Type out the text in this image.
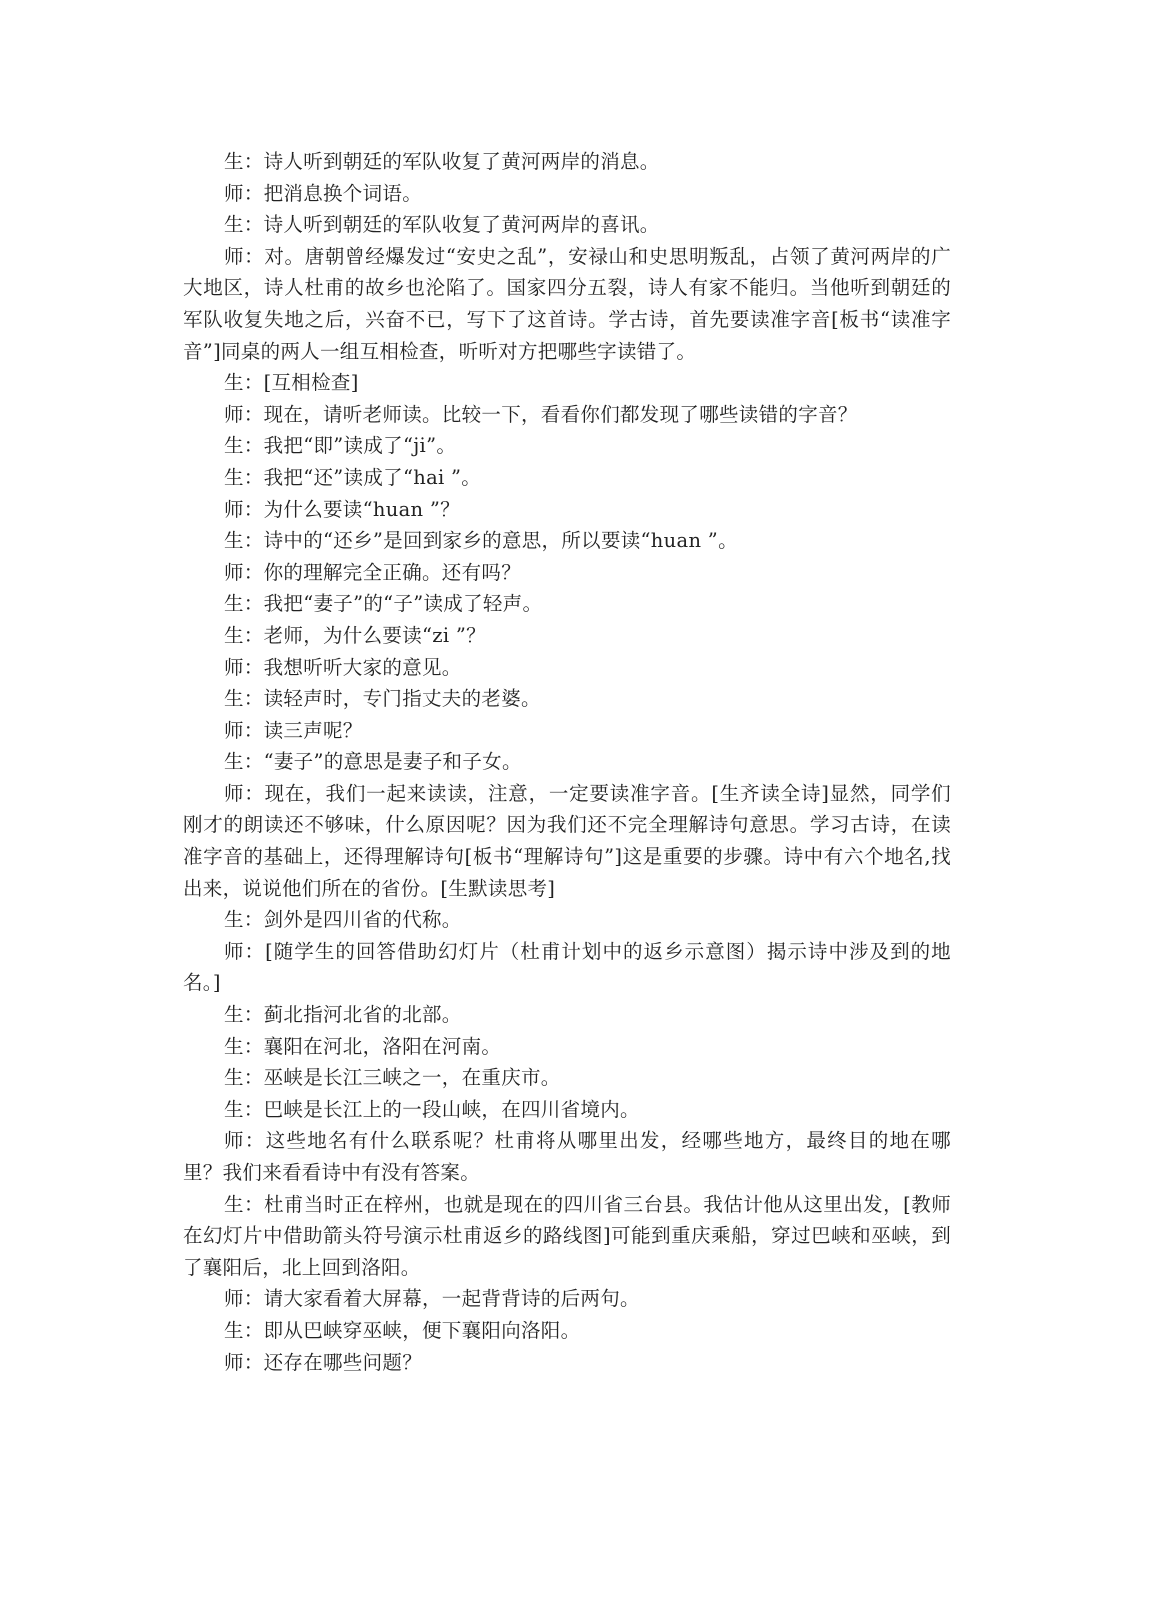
生：诗人听到朝廷的军队收复了黄河两岸的消息。

师：把消息换个词语。

生：诗人听到朝廷的军队收复了黄河两岸的喜讯。

师：对。唐朝曾经爆发过“安史之乱”，安禄山和史思明叛乱，占领了黄河两岸的广大地区，诗人杜甫的故乡也沦陷了。国家四分五裂，诗人有家不能归。当他听到朝廷的军队收复失地之后，兴奋不已，写下了这首诗。学古诗，首先要读准字音[板书“读准字音”]同桌的两人一组互相检查，听听对方把哪些字读错了。

生：[互相检查]

师：现在，请听老师读。比较一下，看看你们都发现了哪些读错的字音？

生：我把“即”读成了“ji”。

生：我把“还”读成了“hai ”。

师：为什么要读“huan ”？

生：诗中的“还乡”是回到家乡的意思，所以要读“huan ”。

师：你的理解完全正确。还有吗？

生：我把“妻子”的“子”读成了轻声。

生：老师，为什么要读“zi ”？

师：我想听听大家的意见。

生：读轻声时，专门指丈夫的老婆。

师：读三声呢？

生：“妻子”的意思是妻子和子女。

师：现在，我们一起来读读，注意，一定要读准字音。[生齐读全诗]显然，同学们刚才的朗读还不够味，什么原因呢？因为我们还不完全理解诗句意思。学习古诗，在读准字音的基础上，还得理解诗句[板书“理解诗句”]这是重要的步骤。诗中有六个地名,找出来，说说他们所在的省份。[生默读思考]

生：剑外是四川省的代称。

师：[随学生的回答借助幻灯片（杜甫计划中的返乡示意图）揭示诗中涉及到的地名。]

生：蓟北指河北省的北部。

生：襄阳在河北，洛阳在河南。

生：巫峡是长江三峡之一，在重庆市。

生：巴峡是长江上的一段山峡，在四川省境内。

师：这些地名有什么联系呢？杜甫将从哪里出发，经哪些地方，最终目的地在哪里？我们来看看诗中有没有答案。

生：杜甫当时正在梓州，也就是现在的四川省三台县。我估计他从这里出发，[教师在幻灯片中借助箭头符号演示杜甫返乡的路线图]可能到重庆乘船，穿过巴峡和巫峡，到了襄阳后，北上回到洛阳。

师：请大家看着大屏幕，一起背背诗的后两句。

生：即从巴峡穿巫峡，便下襄阳向洛阳。

师：还存在哪些问题？
